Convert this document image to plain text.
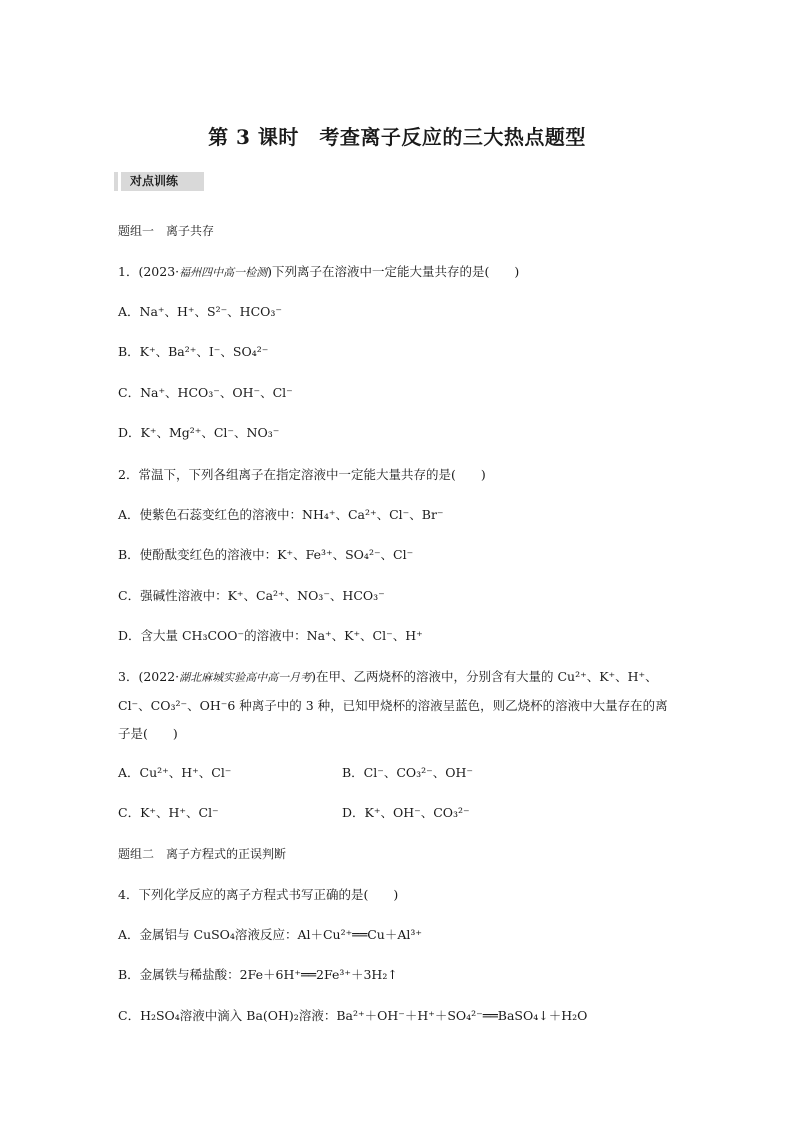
第 3 课时　考查离子反应的三大热点题型
对点训练
题组一　离子共存
1．(2023·福州四中高一检测)下列离子在溶液中一定能大量共存的是(　　)
A．Na⁺、H⁺、S²⁻、HCO₃⁻
B．K⁺、Ba²⁺、I⁻、SO₄²⁻
C．Na⁺、HCO₃⁻、OH⁻、Cl⁻
D．K⁺、Mg²⁺、Cl⁻、NO₃⁻
2．常温下，下列各组离子在指定溶液中一定能大量共存的是(　　)
A．使紫色石蕊变红色的溶液中：NH₄⁺、Ca²⁺、Cl⁻、Br⁻
B．使酚酞变红色的溶液中：K⁺、Fe³⁺、SO₄²⁻、Cl⁻
C．强碱性溶液中：K⁺、Ca²⁺、NO₃⁻、HCO₃⁻
D．含大量 CH₃COO⁻的溶液中：Na⁺、K⁺、Cl⁻、H⁺
3．(2022·湖北麻城实验高中高一月考)在甲、乙两烧杯的溶液中，分别含有大量的 Cu²⁺、K⁺、H⁺、Cl⁻、CO₃²⁻、OH⁻6 种离子中的 3 种，已知甲烧杯的溶液呈蓝色，则乙烧杯的溶液中大量存在的离子是(　　)
A．Cu²⁺、H⁺、Cl⁻	B．Cl⁻、CO₃²⁻、OH⁻
C．K⁺、H⁺、Cl⁻	D．K⁺、OH⁻、CO₃²⁻
题组二　离子方程式的正误判断
4．下列化学反应的离子方程式书写正确的是(　　)
A．金属铝与 CuSO₄溶液反应：Al＋Cu²⁺══Cu＋Al³⁺
B．金属铁与稀盐酸：2Fe＋6H⁺══2Fe³⁺＋3H₂↑
C．H₂SO₄溶液中滴入 Ba(OH)₂溶液：Ba²⁺＋OH⁻＋H⁺＋SO₄²⁻══BaSO₄↓＋H₂O
